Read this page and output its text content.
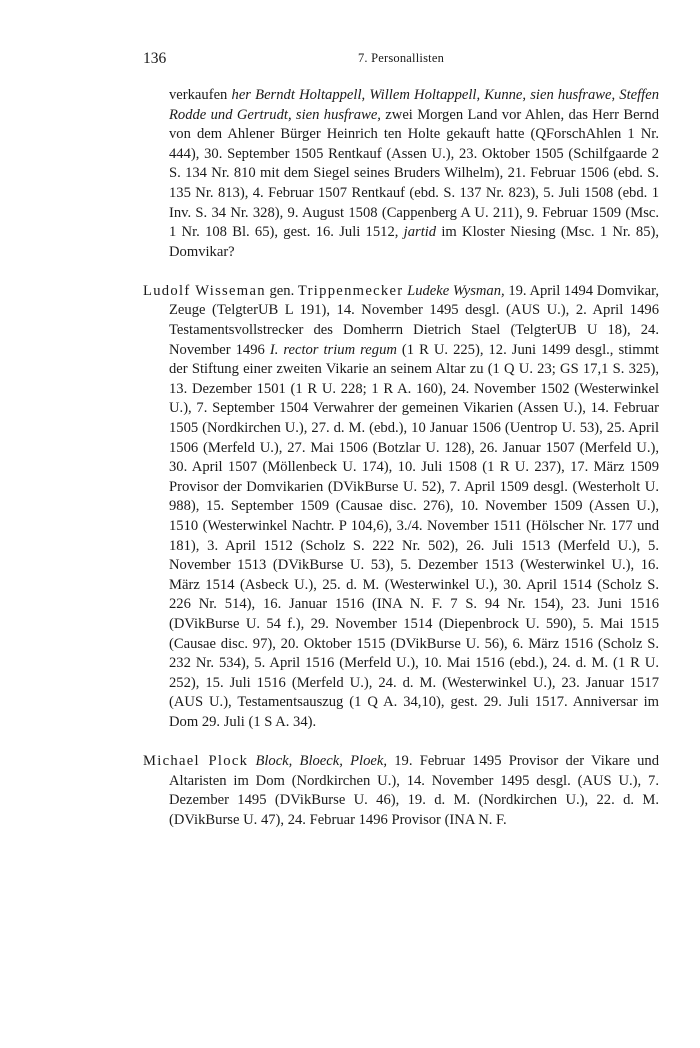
136	7. Personallisten

verkaufen her Berndt Holtappell, Willem Holtappell, Kunne, sien husfrawe, Steffen Rodde und Gertrudt, sien husfrawe, zwei Morgen Land vor Ahlen, das Herr Bernd von dem Ahlener Bürger Heinrich ten Holte gekauft hatte (QForschAhlen 1 Nr. 444), 30. September 1505 Rentkauf (Assen U.), 23. Oktober 1505 (Schilfgaarde 2 S. 134 Nr. 810 mit dem Siegel seines Bruders Wilhelm), 21. Februar 1506 (ebd. S. 135 Nr. 813), 4. Februar 1507 Rentkauf (ebd. S. 137 Nr. 823), 5. Juli 1508 (ebd. 1 Inv. S. 34 Nr. 328), 9. August 1508 (Cappenberg A U. 211), 9. Februar 1509 (Msc. 1 Nr. 108 Bl. 65), gest. 16. Juli 1512, jartid im Kloster Niesing (Msc. 1 Nr. 85), Domvikar?

Ludolf Wisseman gen. Trippenmecker Ludeke Wysman, 19. April 1494 Domvikar, Zeuge (TelgterUB L 191), 14. November 1495 desgl. (AUS U.), 2. April 1496 Testamentsvollstrecker des Domherrn Dietrich Stael (TelgterUB U 18), 24. November 1496 I. rector trium regum (1 R U. 225), 12. Juni 1499 desgl., stimmt der Stiftung einer zweiten Vikarie an seinem Altar zu (1 Q U. 23; GS 17,1 S. 325), 13. Dezember 1501 (1 R U. 228; 1 R A. 160), 24. November 1502 (Westerwinkel U.), 7. September 1504 Verwahrer der gemeinen Vikarien (Assen U.), 14. Februar 1505 (Nordkirchen U.), 27. d. M. (ebd.), 10 Januar 1506 (Uentrop U. 53), 25. April 1506 (Merfeld U.), 27. Mai 1506 (Botzlar U. 128), 26. Januar 1507 (Merfeld U.), 30. April 1507 (Möllenbeck U. 174), 10. Juli 1508 (1 R U. 237), 17. März 1509 Provisor der Domvikarien (DVikBurse U. 52), 7. April 1509 desgl. (Westerholt U. 988), 15. September 1509 (Causae disc. 276), 10. November 1509 (Assen U.), 1510 (Westerwinkel Nachtr. P 104,6), 3./4. November 1511 (Hölscher Nr. 177 und 181), 3. April 1512 (Scholz S. 222 Nr. 502), 26. Juli 1513 (Merfeld U.), 5. November 1513 (DVikBurse U. 53), 5. Dezember 1513 (Westerwinkel U.), 16. März 1514 (Asbeck U.), 25. d. M. (Westerwinkel U.), 30. April 1514 (Scholz S. 226 Nr. 514), 16. Januar 1516 (INA N. F. 7 S. 94 Nr. 154), 23. Juni 1516 (DVikBurse U. 54 f.), 29. November 1514 (Diepenbrock U. 590), 5. Mai 1515 (Causae disc. 97), 20. Oktober 1515 (DVikBurse U. 56), 6. März 1516 (Scholz S. 232 Nr. 534), 5. April 1516 (Merfeld U.), 10. Mai 1516 (ebd.), 24. d. M. (1 R U. 252), 15. Juli 1516 (Merfeld U.), 24. d. M. (Westerwinkel U.), 23. Januar 1517 (AUS U.), Testamentsauszug (1 Q A. 34,10), gest. 29. Juli 1517. Anniversar im Dom 29. Juli (1 S A. 34).

Michael Plock Block, Bloeck, Ploek, 19. Februar 1495 Provisor der Vikare und Altaristen im Dom (Nordkirchen U.), 14. November 1495 desgl. (AUS U.), 7. Dezember 1495 (DVikBurse U. 46), 19. d. M. (Nordkirchen U.), 22. d. M. (DVikBurse U. 47), 24. Februar 1496 Provisor (INA N. F.
